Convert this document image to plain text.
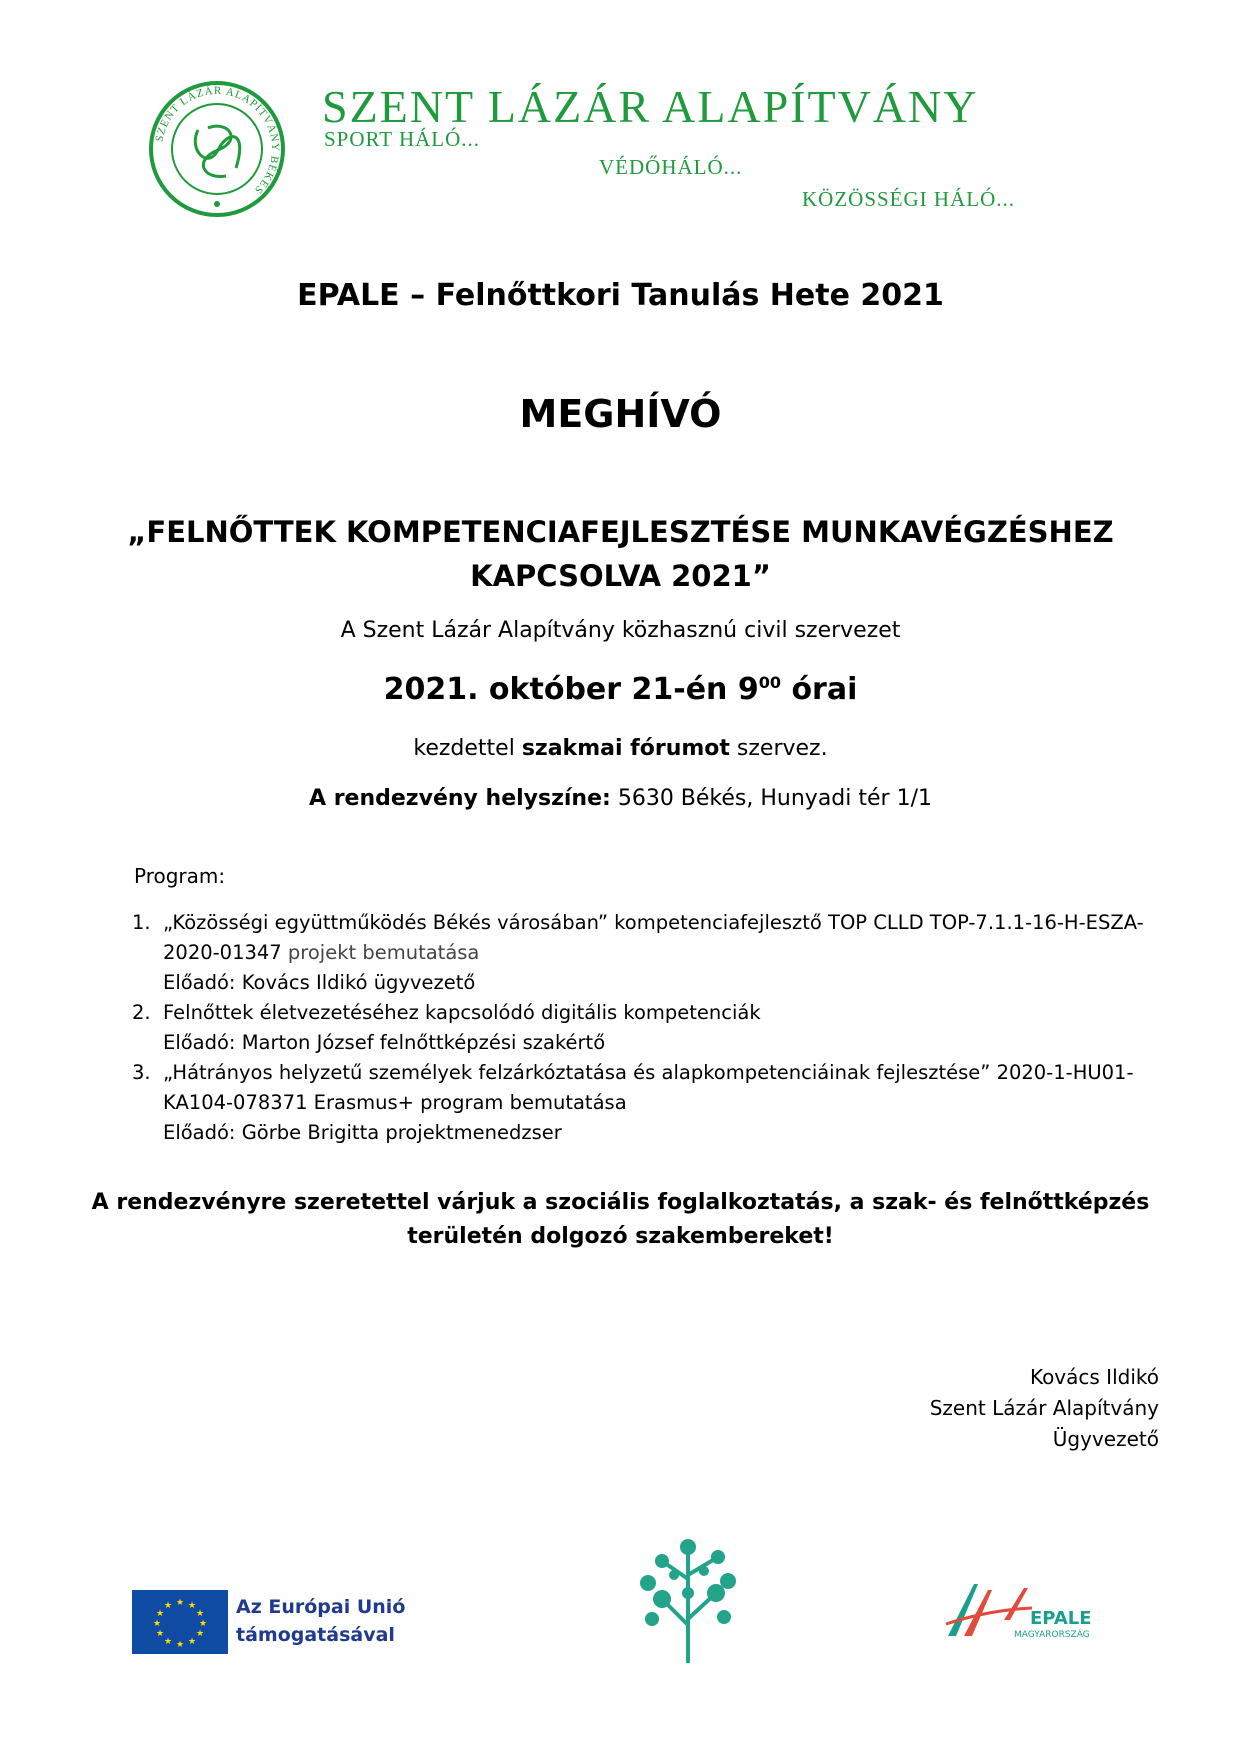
SZENT LÁZÁR ALAPÍTVÁNY BÉKÉS
SZENT LÁZÁR ALAPÍTVÁNY
SPORT HÁLÓ...
VÉDŐHÁLÓ...
KÖZÖSSÉGI HÁLÓ...
EPALE – Felnőttkori Tanulás Hete 2021
MEGHÍVÓ
„FELNŐTTEK KOMPETENCIAFEJLESZTÉSE MUNKAVÉGZÉSHEZ
KAPCSOLVA 2021”
A Szent Lázár Alapítvány közhasznú civil szervezet
2021. október 21-én $9^{00}$ órai
kezdettel szakmai fórumot szervez.
A rendezvény helyszíne: 5630 Békés, Hunyadi tér 1/1
Program:
1. „Közösségi együttműködés Békés városában” kompetenciafejlesztő TOP CLLD TOP-7.1.1-16-H-ESZA-2020-01347 projekt bemutatása
Előadó: Kovács Ildikó ügyvezető
2. Felnőttek életvezetéséhez kapcsolódó digitális kompetenciák
Előadó: Marton József felnőttképzési szakértő
3. „Hátrányos helyzetű személyek felzárkóztatása és alapkompetenciáinak fejlesztése” 2020-1-HU01-KA104-078371 Erasmus+ program bemutatása
Előadó: Görbe Brigitta projektmenedzser
A rendezvényre szeretettel várjuk a szociális foglalkoztatás, a szak- és felnőttképzés
területén dolgozó szakembereket!
Kovács Ildikó
Szent Lázár Alapítvány
Ügyvezető
★ ★
★
★
★
★
★
★
★
★
★
★	Az Európai Unió
támogatásával
EPALE
MAGYARORSZÁG
